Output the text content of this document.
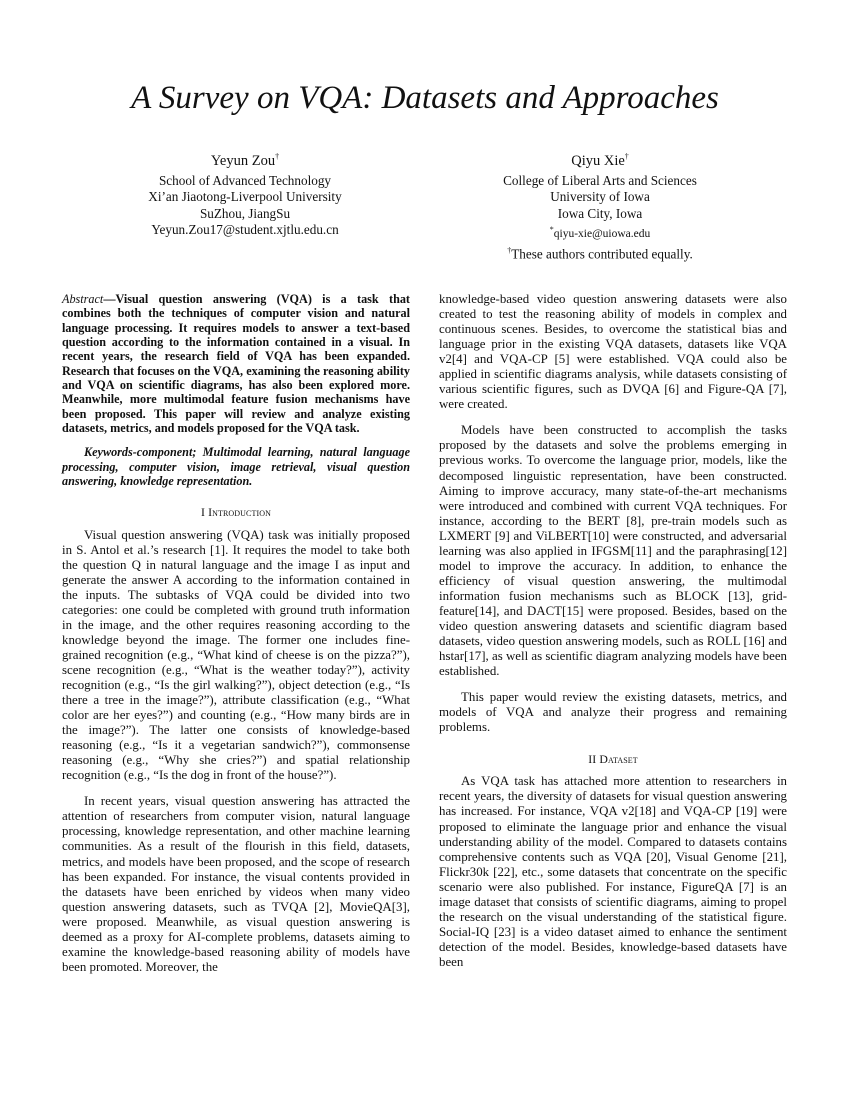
A Survey on VQA: Datasets and Approaches
Yeyun Zou†
School of Advanced Technology
Xi’an Jiaotong-Liverpool University
SuZhou, JiangSu
Yeyun.Zou17@student.xjtlu.edu.cn
Qiyu Xie†
College of Liberal Arts and Sciences
University of Iowa
Iowa City, Iowa
*qiyu-xie@uiowa.edu
†These authors contributed equally.

Abstract—Visual question answering (VQA) is a task that combines both the techniques of computer vision and natural language processing. It requires models to answer a text-based question according to the information contained in a visual. In recent years, the research field of VQA has been expanded. Research that focuses on the VQA, examining the reasoning ability and VQA on scientific diagrams, has also been explored more. Meanwhile, more multimodal feature fusion mechanisms have been proposed. This paper will review and analyze existing datasets, metrics, and models proposed for the VQA task.

Keywords-component; Multimodal learning, natural language processing, computer vision, image retrieval, visual question answering, knowledge representation.

I Introduction

Visual question answering (VQA) task was initially proposed in S. Antol et al.’s research [1]. It requires the model to take both the question Q in natural language and the image I as input and generate the answer A according to the information contained in the inputs. The subtasks of VQA could be divided into two categories: one could be completed with ground truth information in the image, and the other requires reasoning according to the knowledge beyond the image. The former one includes fine-grained recognition (e.g., “What kind of cheese is on the pizza?”), scene recognition (e.g., “What is the weather today?”), activity recognition (e.g., “Is the girl walking?”), object detection (e.g., “Is there a tree in the image?”), attribute classification (e.g., “What color are her eyes?”) and counting (e.g., “How many birds are in the image?”). The latter one consists of knowledge-based reasoning (e.g., “Is it a vegetarian sandwich?”), commonsense reasoning (e.g., “Why she cries?”) and spatial relationship recognition (e.g., “Is the dog in front of the house?”).

In recent years, visual question answering has attracted the attention of researchers from computer vision, natural language processing, knowledge representation, and other machine learning communities. As a result of the flourish in this field, datasets, metrics, and models have been proposed, and the scope of research has been expanded. For instance, the visual contents provided in the datasets have been enriched by videos when many video question answering datasets, such as TVQA [2], MovieQA[3], were proposed. Meanwhile, as visual question answering is deemed as a proxy for AI-complete problems, datasets aiming to examine the knowledge-based reasoning ability of models have been promoted. Moreover, the

knowledge-based video question answering datasets were also created to test the reasoning ability of models in complex and continuous scenes. Besides, to overcome the statistical bias and language prior in the existing VQA datasets, datasets like VQA v2[4] and VQA-CP [5] were established. VQA could also be applied in scientific diagrams analysis, while datasets consisting of various scientific figures, such as DVQA [6] and Figure-QA [7], were created.

Models have been constructed to accomplish the tasks proposed by the datasets and solve the problems emerging in previous works. To overcome the language prior, models, like the decomposed linguistic representation, have been constructed. Aiming to improve accuracy, many state-of-the-art mechanisms were introduced and combined with current VQA techniques. For instance, according to the BERT [8], pre-train models such as LXMERT [9] and ViLBERT[10] were constructed, and adversarial learning was also applied in IFGSM[11] and the paraphrasing[12] model to improve the accuracy. In addition, to enhance the efficiency of visual question answering, the multimodal information fusion mechanisms such as BLOCK [13], grid-feature[14], and DACT[15] were proposed. Besides, based on the video question answering datasets and scientific diagram based datasets, video question answering models, such as ROLL [16] and hstar[17], as well as scientific diagram analyzing models have been established.

This paper would review the existing datasets, metrics, and models of VQA and analyze their progress and remaining problems.

II Dataset

As VQA task has attached more attention to researchers in recent years, the diversity of datasets for visual question answering has increased. For instance, VQA v2[18] and VQA-CP [19] were proposed to eliminate the language prior and enhance the visual understanding ability of the model. Compared to datasets contains comprehensive contents such as VQA [20], Visual Genome [21], Flickr30k [22], etc., some datasets that concentrate on the specific scenario were also published. For instance, FigureQA [7] is an image dataset that consists of scientific diagrams, aiming to propel the research on the visual understanding of the statistical figure. Social-IQ [23] is a video dataset aimed to enhance the sentiment detection of the model. Besides, knowledge-based datasets have been
